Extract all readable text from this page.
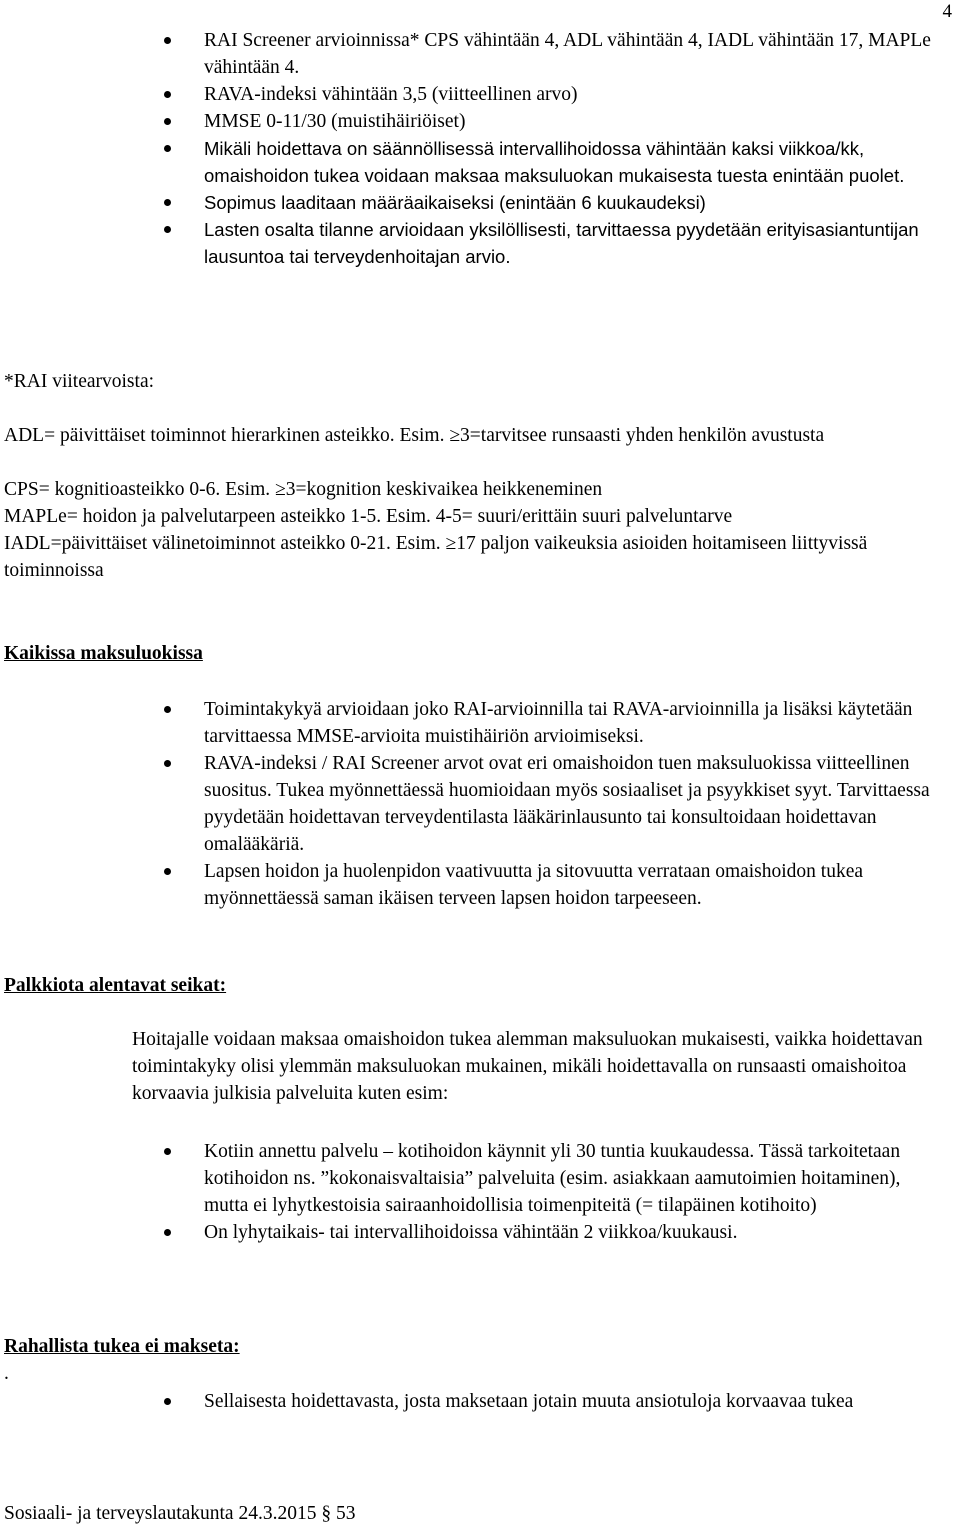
4
RAI Screener arvioinnissa* CPS vähintään 4, ADL vähintään 4, IADL vähintään 17, MAPLe vähintään 4.
RAVA-indeksi vähintään 3,5 (viitteellinen arvo)
MMSE 0-11/30 (muistihäiriöiset)
Mikäli hoidettava on säännöllisessä intervallihoidossa vähintään kaksi viikkoa/kk, omaishoidon tukea voidaan maksaa maksuluokan mukaisesta tuesta enintään puolet.
Sopimus laaditaan määräaikaiseksi (enintään 6 kuukaudeksi)
Lasten osalta tilanne arvioidaan yksilöllisesti, tarvittaessa pyydetään erityisasiantuntijan lausuntoa tai terveydenhoitajan arvio.
*RAI viitearvoista:
ADL= päivittäiset toiminnot hierarkinen asteikko. Esim. ≥3=tarvitsee runsaasti yhden henkilön avustusta
CPS= kognitioasteikko 0-6. Esim. ≥3=kognition keskivaikea heikkeneminen
MAPLe= hoidon ja palvelutarpeen asteikko 1-5. Esim. 4-5= suuri/erittäin suuri palveluntarve
IADL=päivittäiset välinetoiminnot asteikko 0-21. Esim. ≥17 paljon vaikeuksia asioiden hoitamiseen liittyvissä toiminnoissa
Kaikissa maksuluokissa
Toimintakykyä arvioidaan joko RAI-arvioinnilla tai RAVA-arvioinnilla ja lisäksi käytetään tarvittaessa MMSE-arvioita muistihäiriön arvioimiseksi.
RAVA-indeksi / RAI Screener arvot ovat eri omaishoidon tuen maksuluokissa viitteellinen suositus. Tukea myönnettäessä huomioidaan myös sosiaaliset ja psyykkiset syyt. Tarvittaessa pyydetään hoidettavan terveydentilasta lääkärinlausunto tai konsultoidaan hoidettavan omalääkäriä.
Lapsen hoidon ja huolenpidon vaativuutta ja sitovuutta verrataan omaishoidon tukea myönnettäessä saman ikäisen terveen lapsen hoidon tarpeeseen.
Palkkiota alentavat seikat:
Hoitajalle voidaan maksaa omaishoidon tukea alemman maksuluokan mukaisesti, vaikka hoidettavan toimintakyky olisi ylemmän maksuluokan mukainen, mikäli hoidettavalla on runsaasti omaishoitoa korvaavia julkisia palveluita kuten esim:
Kotiin annettu palvelu – kotihoidon käynnit yli 30 tuntia kuukaudessa. Tässä tarkoitetaan kotihoidon ns. ”kokonaisvaltaisia” palveluita (esim. asiakkaan aamutoimien hoitaminen), mutta ei lyhytkestoisia sairaanhoidollisia toimenpiteitä (= tilapäinen kotihoito)
On lyhytaikais- tai intervallihoidoissa vähintään 2 viikkoa/kuukausi.
Rahallista tukea ei makseta:
.
Sellaisesta hoidettavasta, josta maksetaan jotain muuta ansiotuloja korvaavaa tukea
Sosiaali- ja terveyslautakunta 24.3.2015 § 53
